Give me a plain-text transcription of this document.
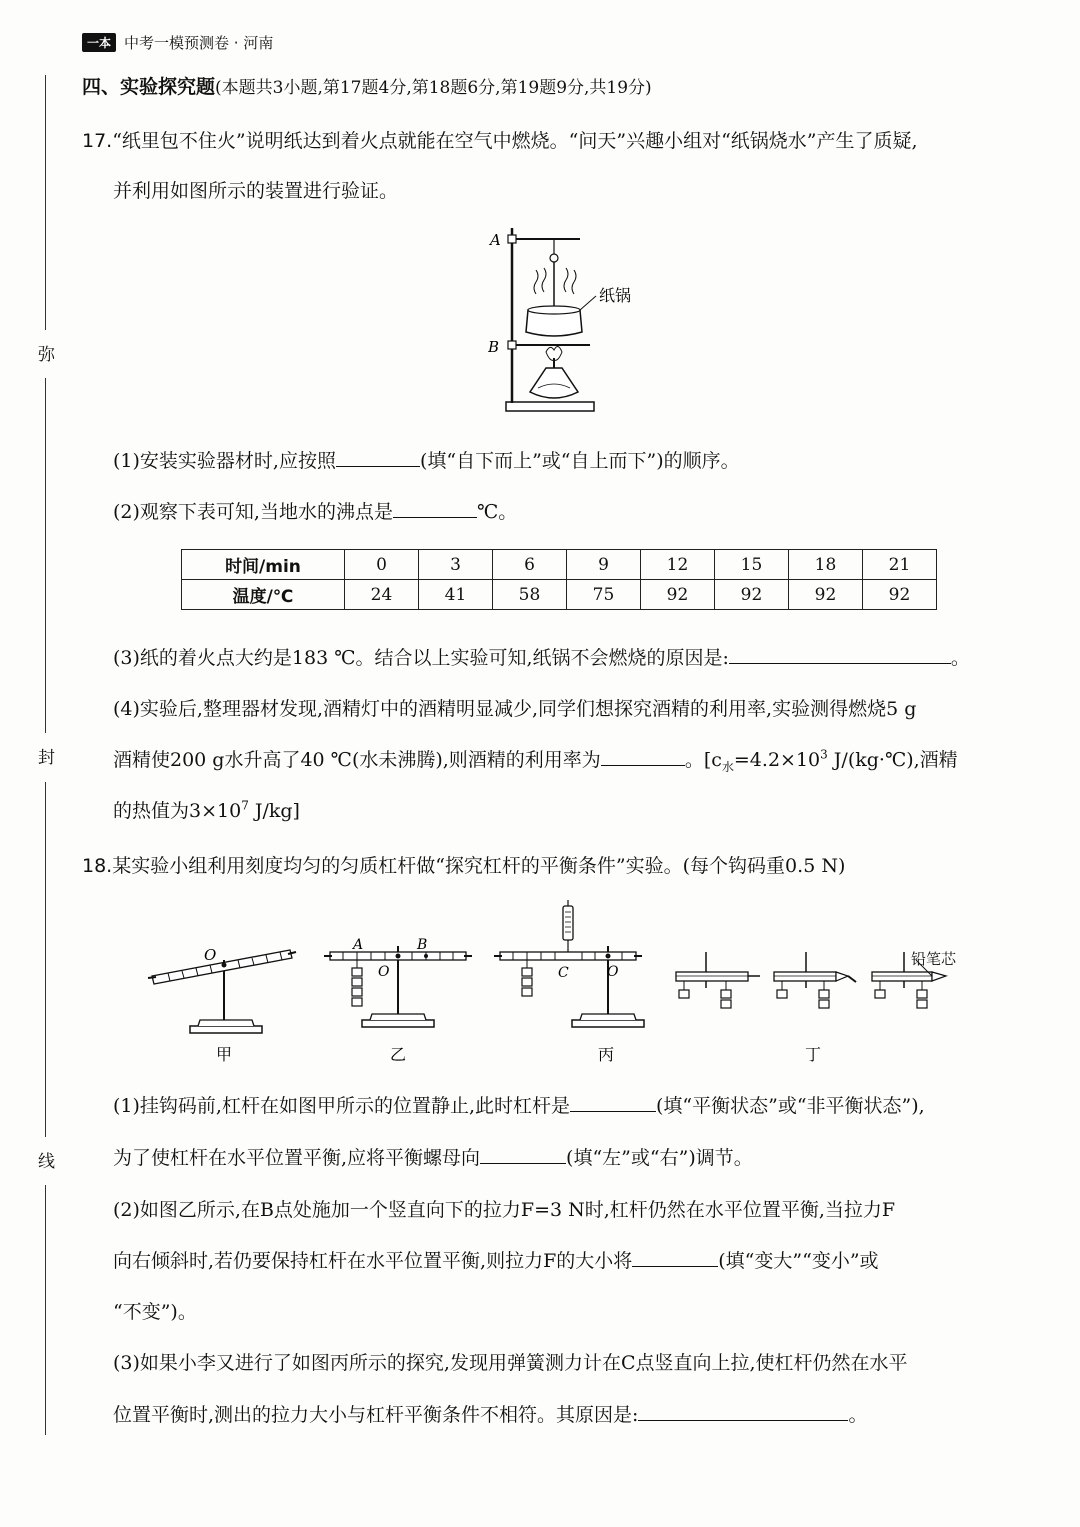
一本 中考一模预测卷 · 河南
弥
封
线
四、实验探究题(本题共3小题,第17题4分,第18题6分,第19题9分,共19分)
17.“纸里包不住火”说明纸达到着火点就能在空气中燃烧。“问天”兴趣小组对“纸锅烧水”产生了质疑,
并利用如图所示的装置进行验证。
A
B
纸锅
(1)安装实验器材时,应按照	(填“自下而上”或“自上而下”)的顺序。
(2)观察下表可知,当地水的沸点是	℃。
时间/min	0	3	6	9	12	15	18	21
温度/℃	24	41	58	75	92	92	92	92
(3)纸的着火点大约是183 ℃。结合以上实验可知,纸锅不会燃烧的原因是:	。
(4)实验后,整理器材发现,酒精灯中的酒精明显减少,同学们想探究酒精的利用率,实验测得燃烧5 g
酒精使200 g水升高了40 ℃(水未沸腾),则酒精的利用率为	。[$c_水=4.2\times 10^3$ J/(kg·℃),酒精
的热值为$3\times 10^7$ J/kg]
18.某实验小组利用刻度均匀的匀质杠杆做“探究杠杆的平衡条件”实验。(每个钩码重0.5 N)
O
A	B
O	C	O
铅笔芯
甲	乙	丙	丁
(1)挂钩码前,杠杆在如图甲所示的位置静止,此时杠杆是	(填“平衡状态”或“非平衡状态”),
为了使杠杆在水平位置平衡,应将平衡螺母向	(填“左”或“右”)调节。
(2)如图乙所示,在B点处施加一个竖直向下的拉力F=3 N时,杠杆仍然在水平位置平衡,当拉力F
向右倾斜时,若仍要保持杠杆在水平位置平衡,则拉力F的大小将	(填“变大”“变小”或
“不变”)。
(3)如果小李又进行了如图丙所示的探究,发现用弹簧测力计在C点竖直向上拉,使杠杆仍然在水平
位置平衡时,测出的拉力大小与杠杆平衡条件不相符。其原因是:	。
